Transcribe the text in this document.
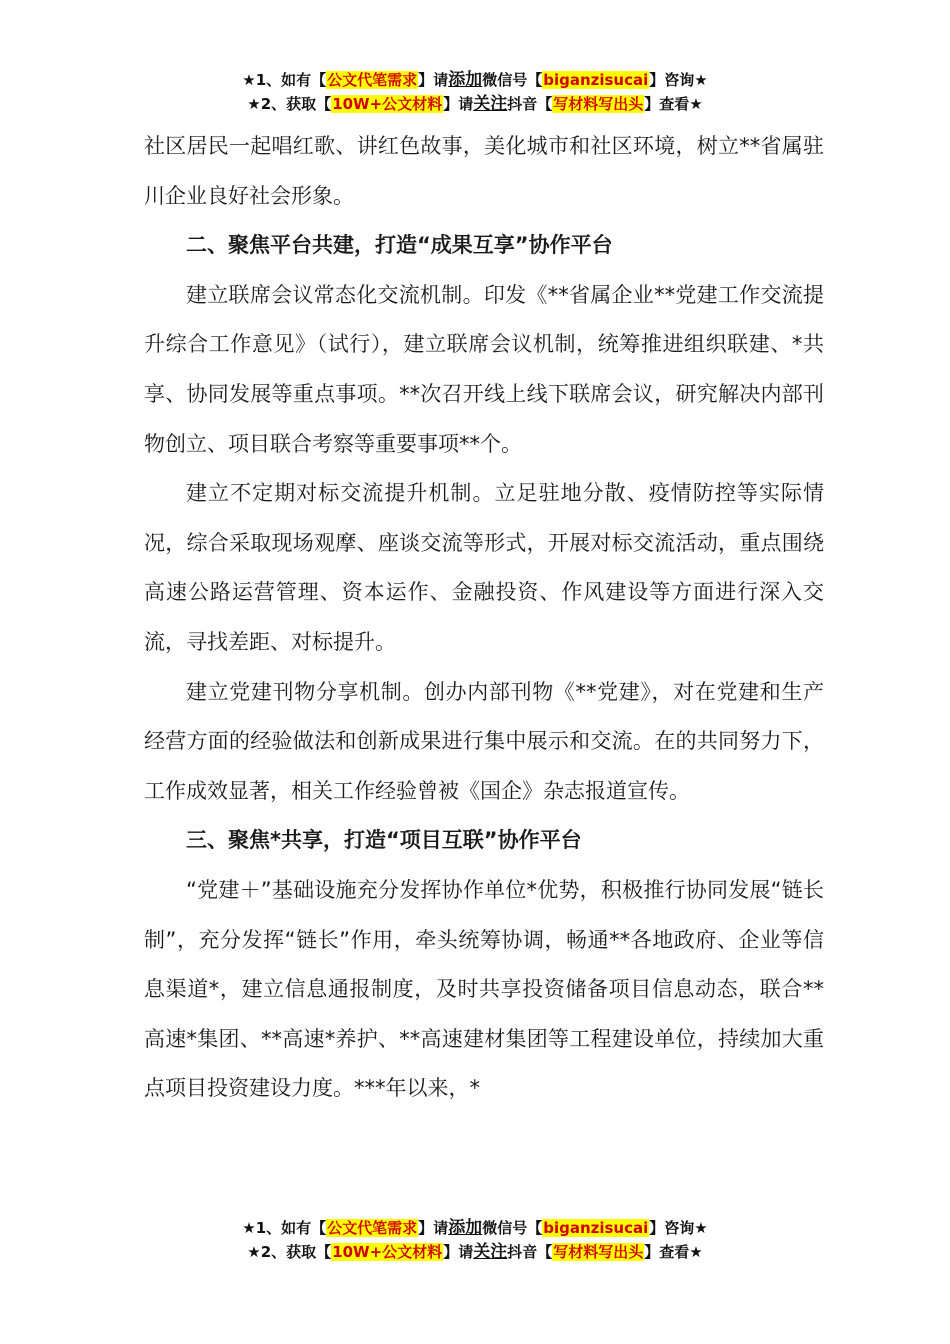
★1、如有【公文代笔需求】请添加微信号【biganzisucai】咨询★
★2、获取【10W+公文材料】请关注抖音【写材料写出头】查看★

社区居民一起唱红歌、讲红色故事，美化城市和社区环境，树立**省属驻川企业良好社会形象。

二、聚焦平台共建，打造“成果互享”协作平台

建立联席会议常态化交流机制。印发《**省属企业**党建工作交流提升综合工作意见》（试行），建立联席会议机制，统筹推进组织联建、*共享、协同发展等重点事项。**次召开线上线下联席会议，研究解决内部刊物创立、项目联合考察等重要事项**个。

建立不定期对标交流提升机制。立足驻地分散、疫情防控等实际情况，综合采取现场观摩、座谈交流等形式，开展对标交流活动，重点围绕高速公路运营管理、资本运作、金融投资、作风建设等方面进行深入交流，寻找差距、对标提升。

建立党建刊物分享机制。创办内部刊物《**党建》，对在党建和生产经营方面的经验做法和创新成果进行集中展示和交流。在的共同努力下，工作成效显著，相关工作经验曾被《国企》杂志报道宣传。

三、聚焦*共享，打造“项目互联”协作平台

“党建＋”基础设施充分发挥协作单位*优势，积极推行协同发展“链长制”，充分发挥“链长”作用，牵头统筹协调，畅通**各地政府、企业等信息渠道*，建立信息通报制度，及时共享投资储备项目信息动态，联合**高速*集团、**高速*养护、**高速建材集团等工程建设单位，持续加大重点项目投资建设力度。***年以来，*

★1、如有【公文代笔需求】请添加微信号【biganzisucai】咨询★
★2、获取【10W+公文材料】请关注抖音【写材料写出头】查看★
